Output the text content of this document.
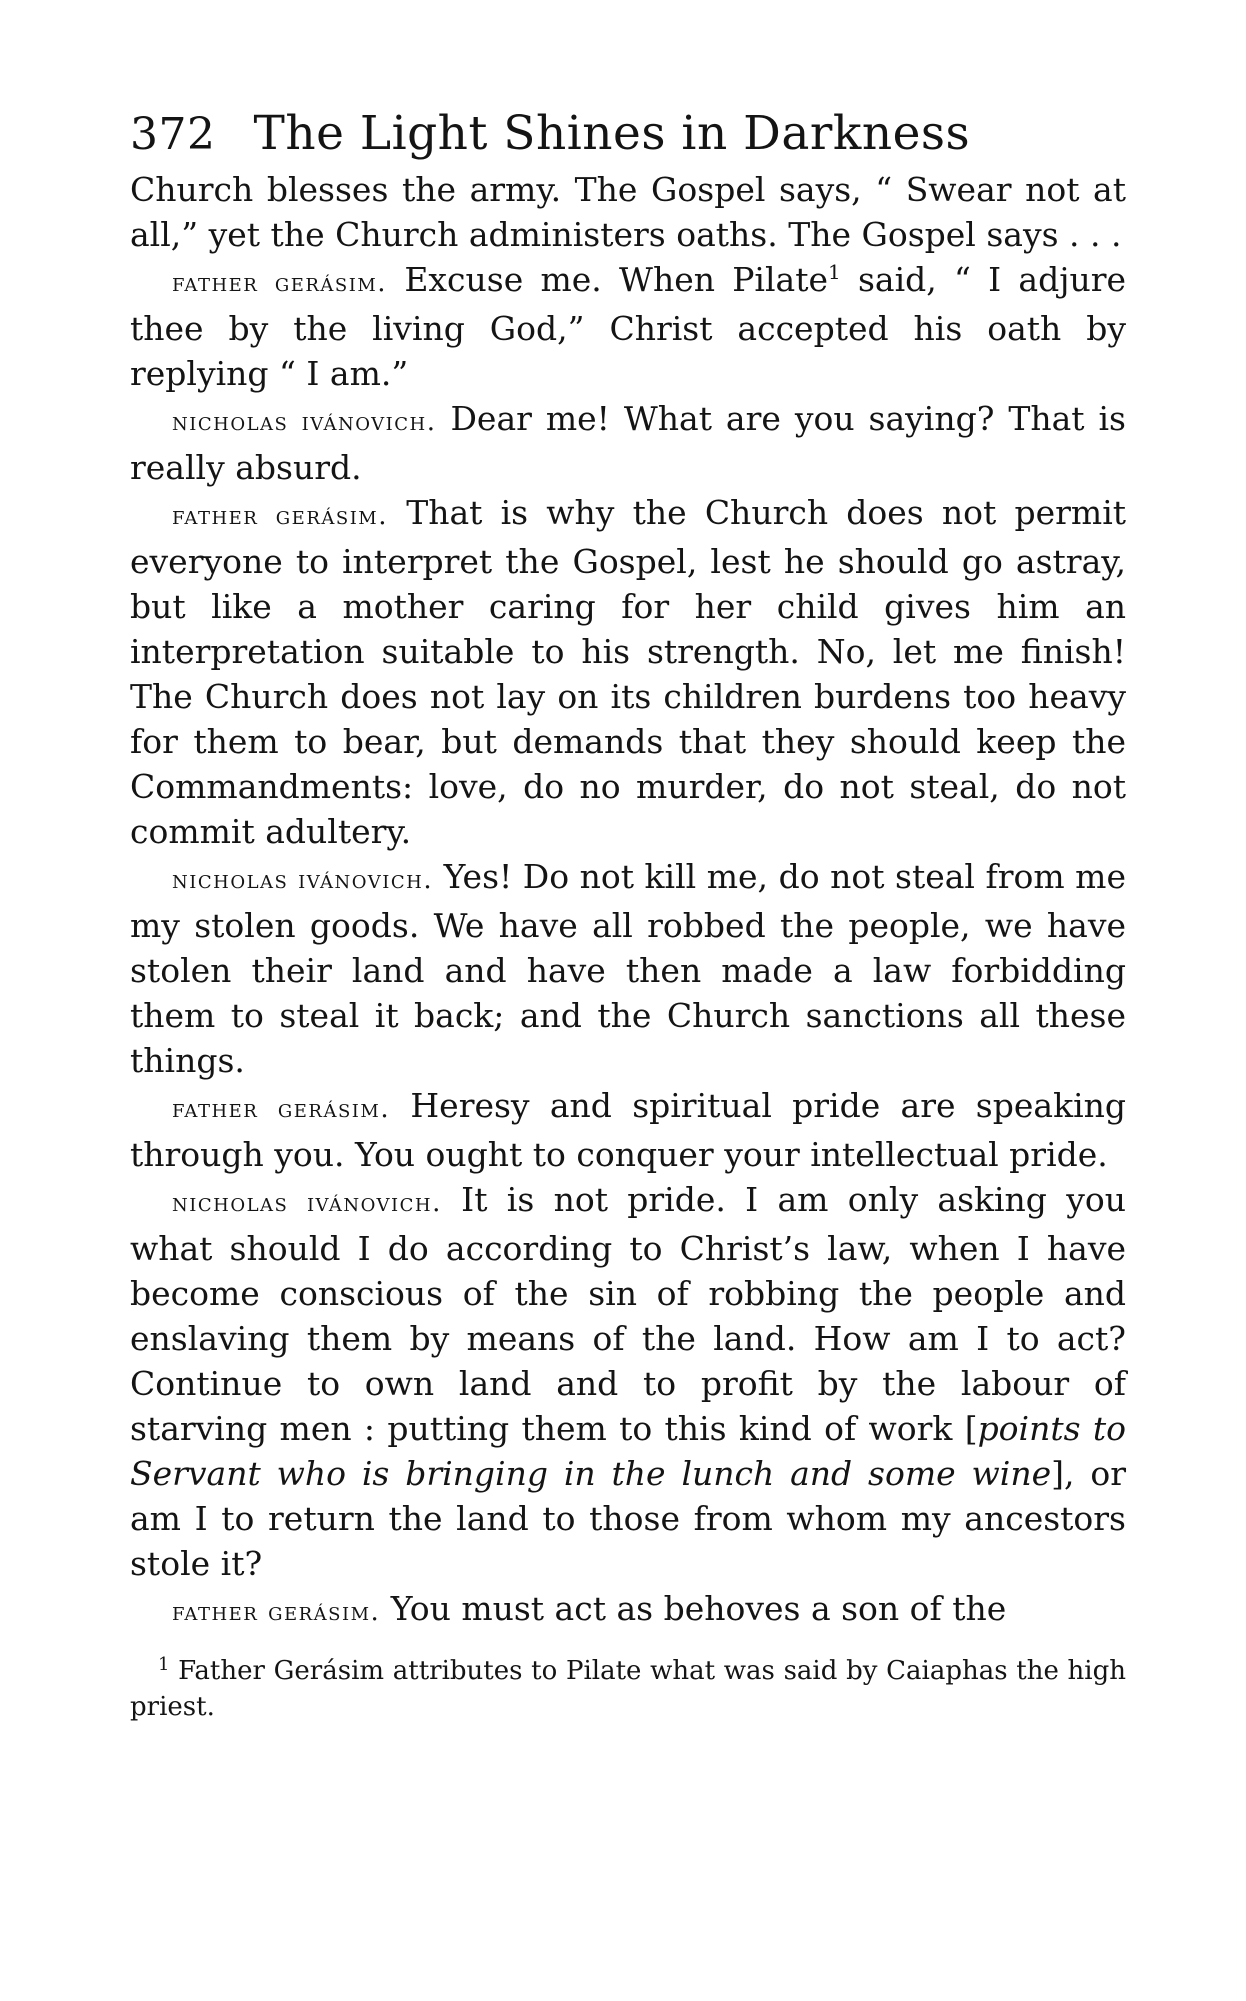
372 The Light Shines in Darkness

Church blesses the army. The Gospel says, “ Swear not at all,” yet the Church administers oaths. The Gospel says . . .

father gerásim. Excuse me. When Pilate$^1$ said, “ I adjure thee by the living God,” Christ accepted his oath by replying “ I am.”

nicholas ivánovich. Dear me! What are you saying? That is really absurd.

father gerásim. That is why the Church does not permit everyone to interpret the Gospel, lest he should go astray, but like a mother caring for her child gives him an interpretation suitable to his strength. No, let me finish! The Church does not lay on its children burdens too heavy for them to bear, but demands that they should keep the Commandments: love, do no murder, do not steal, do not commit adultery.

nicholas ivánovich. Yes! Do not kill me, do not steal from me my stolen goods. We have all robbed the people, we have stolen their land and have then made a law forbidding them to steal it back; and the Church sanctions all these things.

father gerásim. Heresy and spiritual pride are speaking through you. You ought to conquer your intellectual pride.

nicholas ivánovich. It is not pride. I am only asking you what should I do according to Christ’s law, when I have become conscious of the sin of robbing the people and enslaving them by means of the land. How am I to act? Continue to own land and to profit by the labour of starving men : putting them to this kind of work [points to Servant who is bringing in the lunch and some wine], or am I to return the land to those from whom my ancestors stole it?

father gerásim. You must act as behoves a son of the

$^1$ Father Gerásim attributes to Pilate what was said by Caiaphas the high priest.
